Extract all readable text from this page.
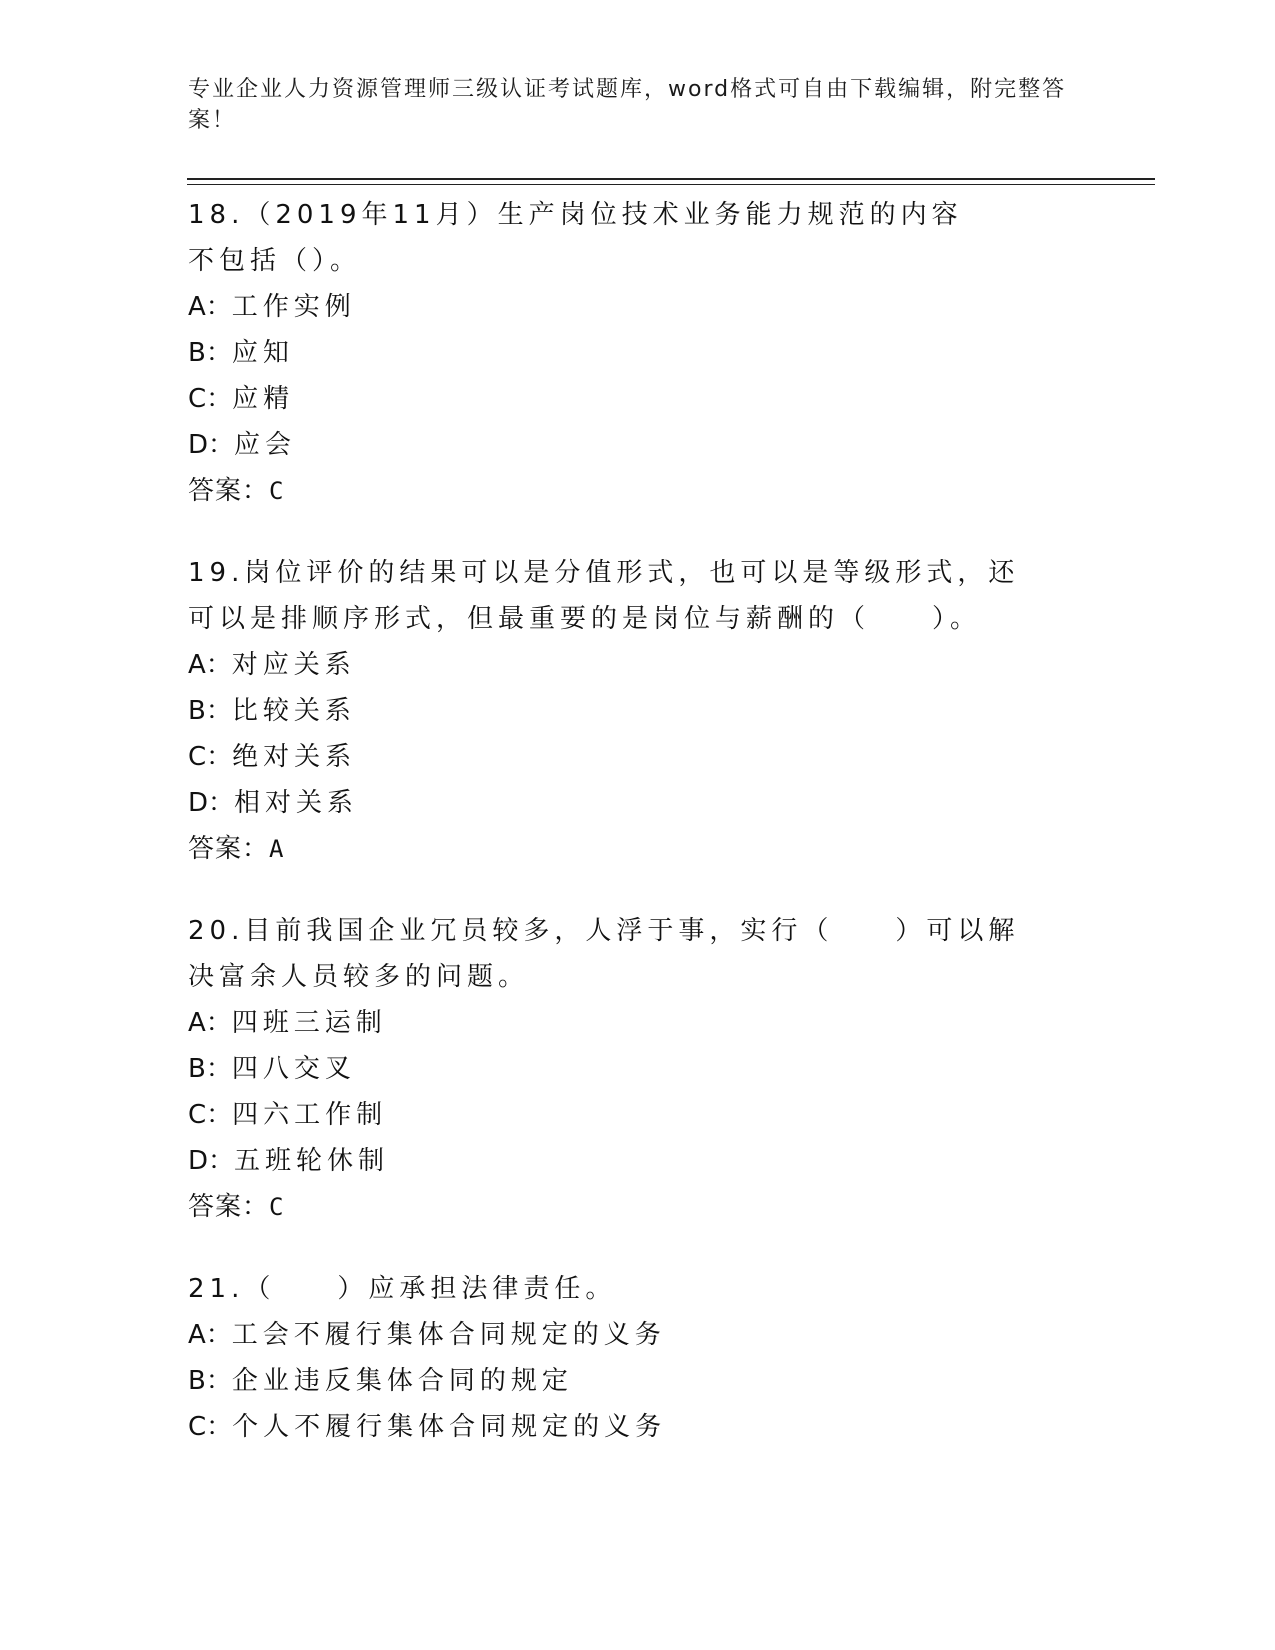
专业企业人力资源管理师三级认证考试题库，word格式可自由下载编辑，附完整答案！

18.（2019年11月）生产岗位技术业务能力规范的内容不包括（）。

A：工作实例

B：应知

C：应精

D：应会

答案：C

19.岗位评价的结果可以是分值形式，也可以是等级形式，还可以是排顺序形式，但最重要的是岗位与薪酬的（　　）。

A：对应关系

B：比较关系

C：绝对关系

D：相对关系

答案：A

20.目前我国企业冗员较多，人浮于事，实行（　　）可以解决富余人员较多的问题。

A：四班三运制

B：四八交叉

C：四六工作制

D：五班轮休制

答案：C

21.（　　）应承担法律责任。

A：工会不履行集体合同规定的义务

B：企业违反集体合同的规定

C：个人不履行集体合同规定的义务
